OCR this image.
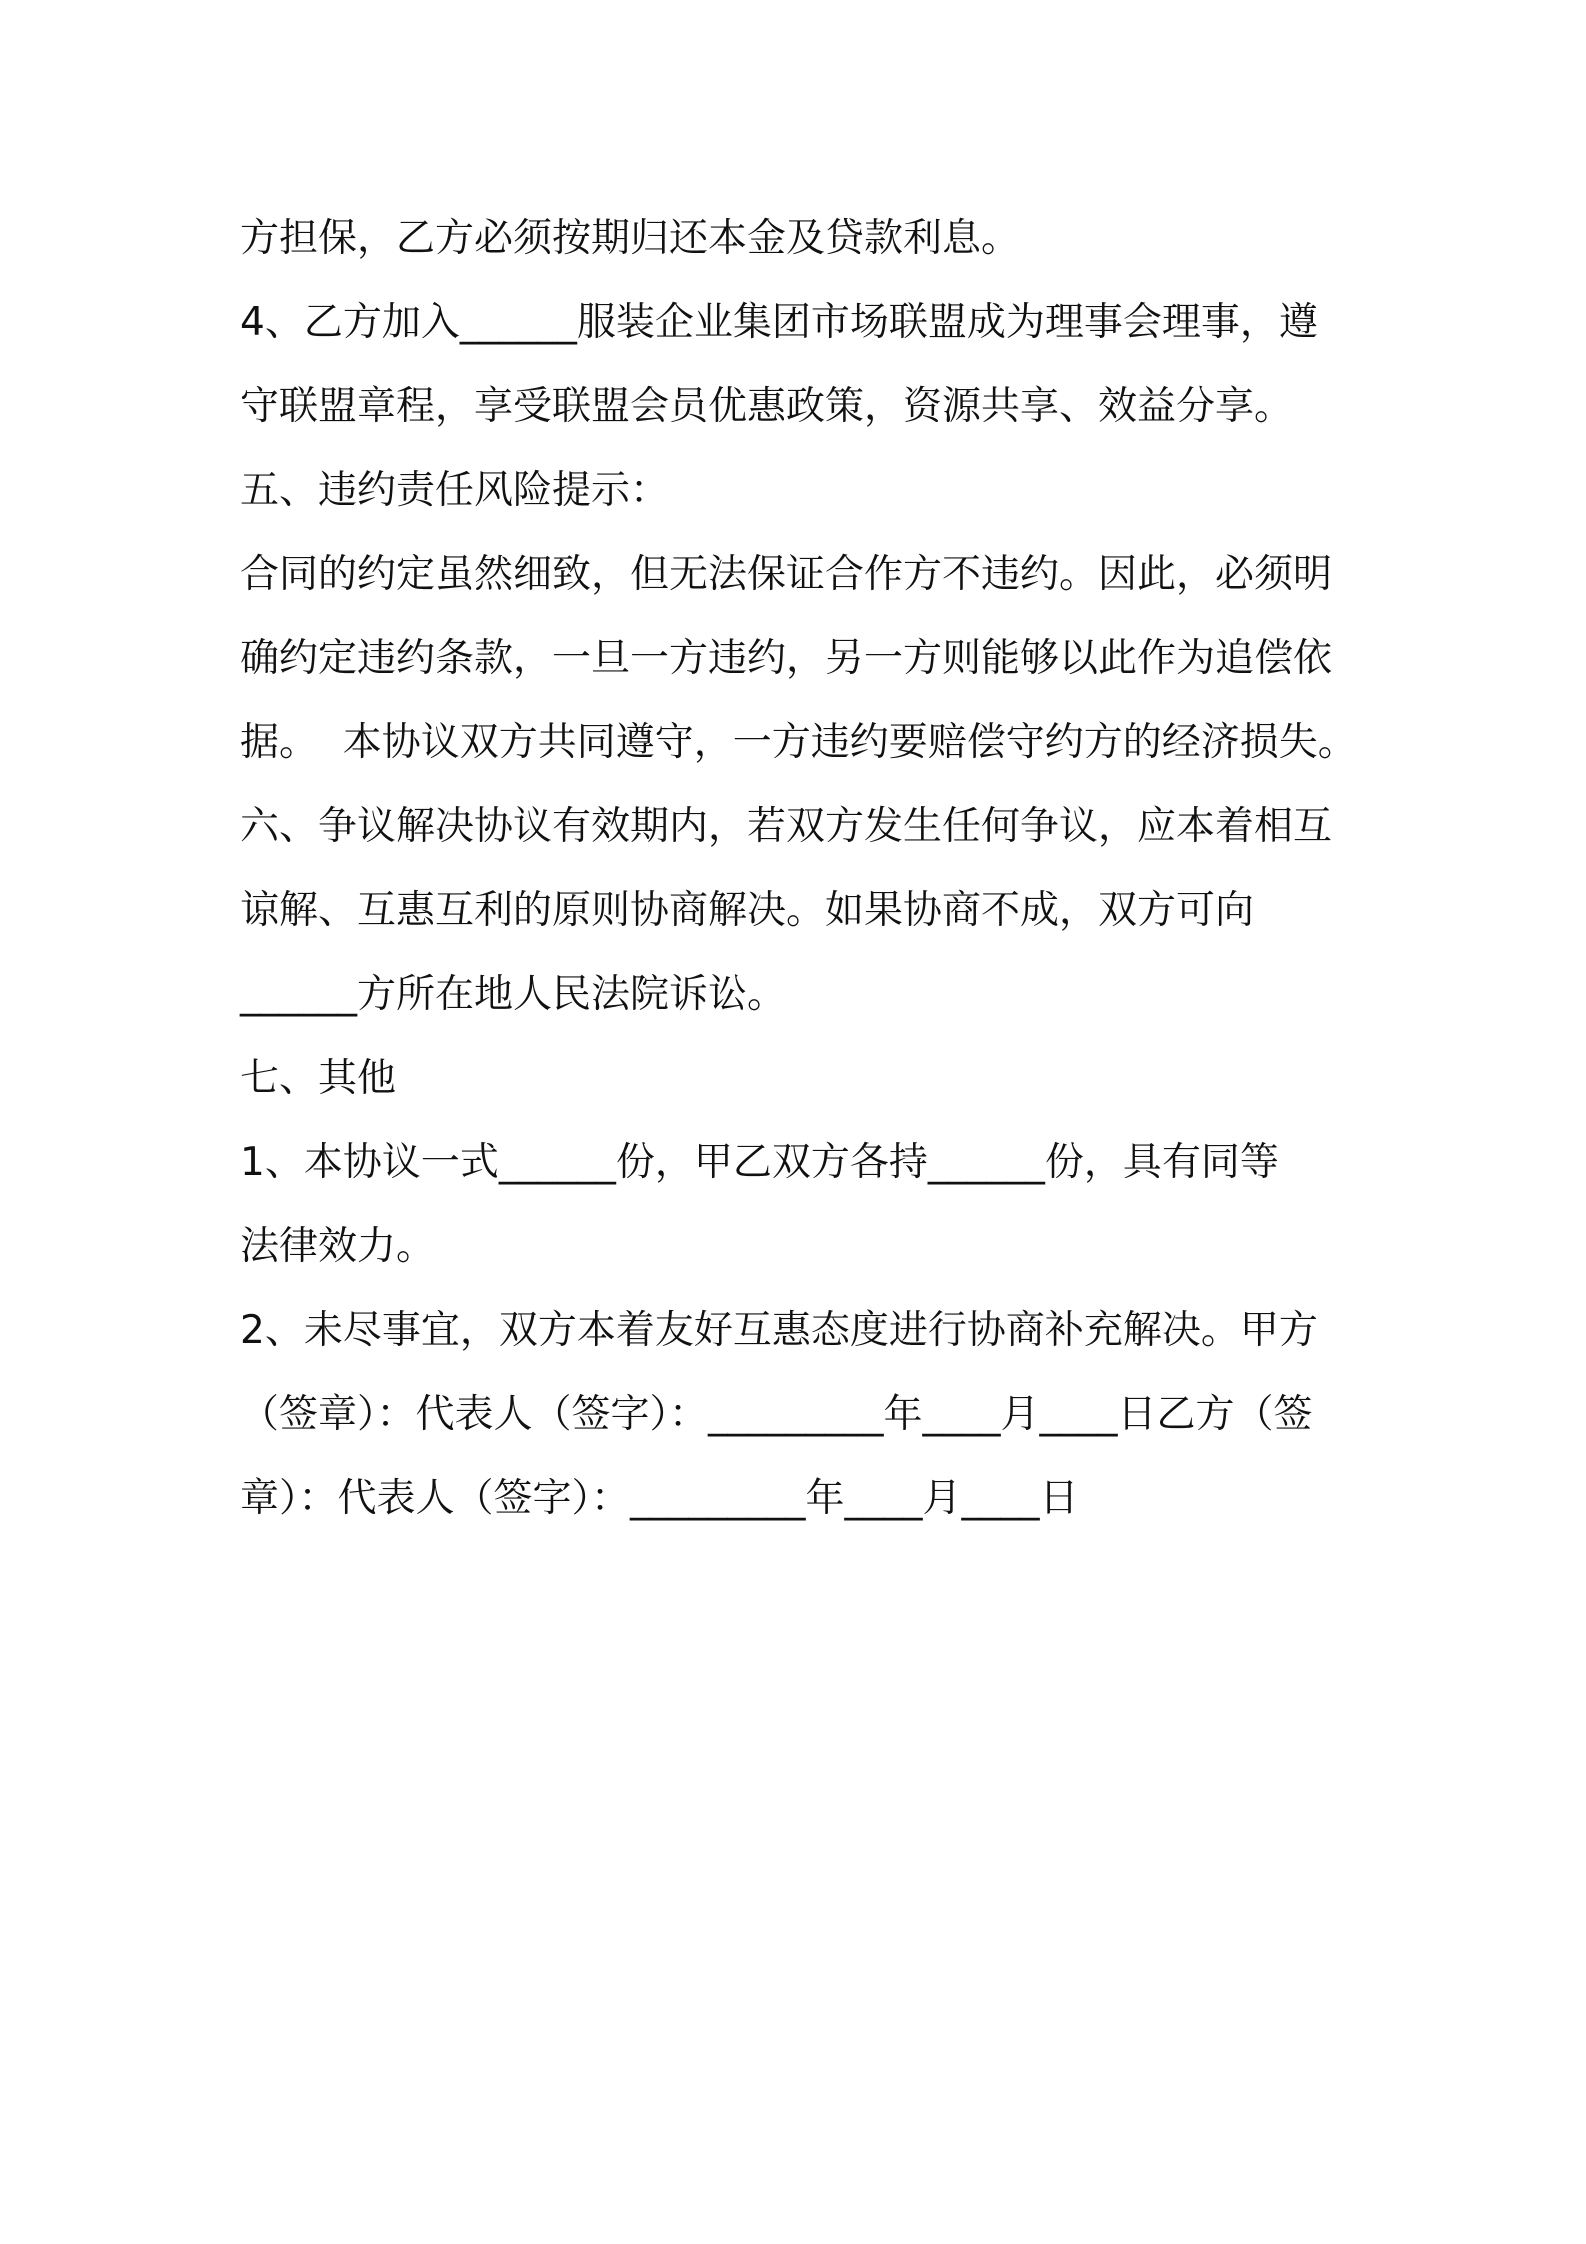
方担保，乙方必须按期归还本金及贷款利息。
4、乙方加入______服装企业集团市场联盟成为理事会理事，遵
守联盟章程，享受联盟会员优惠政策，资源共享、效益分享。
五、违约责任风险提示：
合同的约定虽然细致，但无法保证合作方不违约。因此，必须明
确约定违约条款，一旦一方违约，另一方则能够以此作为追偿依
据。  本协议双方共同遵守，一方违约要赔偿守约方的经济损失。
六、争议解决协议有效期内，若双方发生任何争议，应本着相互
谅解、互惠互利的原则协商解决。如果协商不成，双方可向
______方所在地人民法院诉讼。
七、其他
1、本协议一式______份，甲乙双方各持______份，具有同等
法律效力。
2、未尽事宜，双方本着友好互惠态度进行协商补充解决。甲方
（签章）：代表人（签字）：_________年____月____日乙方（签
章）：代表人（签字）：_________年____月____日
